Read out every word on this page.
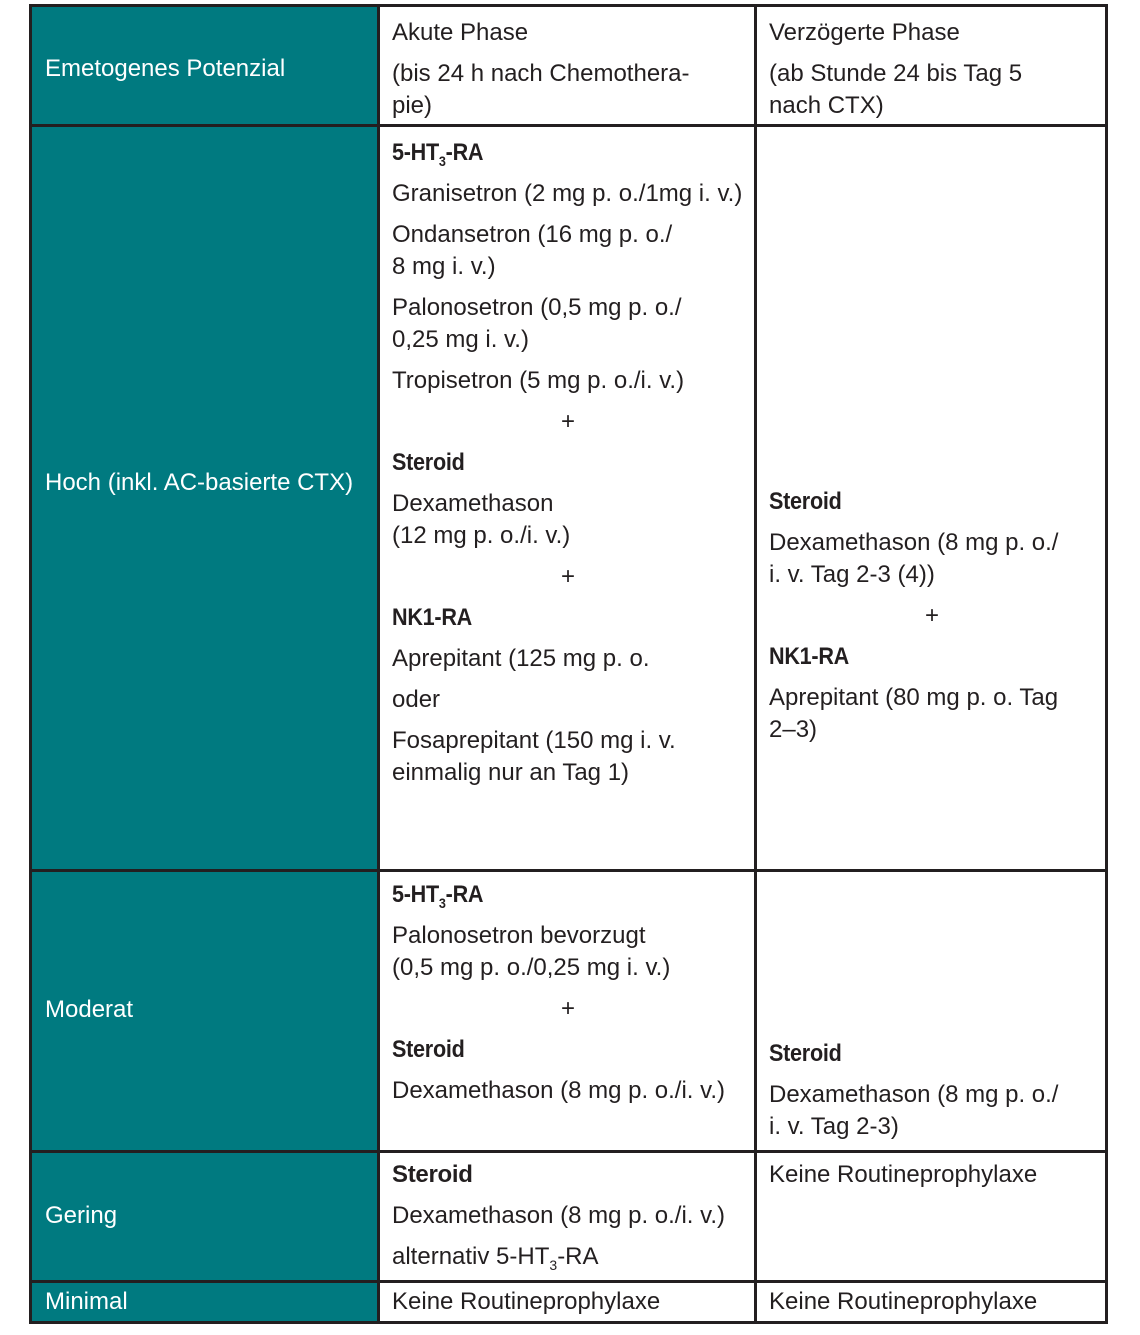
Emetogenes Potenzial
Akute Phase
(bis 24 h nach Chemothera-
pie)
Verzögerte Phase
(ab Stunde 24 bis Tag 5
nach CTX)
Hoch (inkl. AC-basierte CTX)
$5-HT_3-RA$
Granisetron (2 mg p. o./1mg i. v.)
Ondansetron (16 mg p. o./
8 mg i. v.)
Palonosetron (0,5 mg p. o./
0,25 mg i. v.)
Tropisetron (5 mg p. o./i. v.)
+
Steroid
Dexamethason
(12 mg p. o./i. v.)
+
NK1-RA
Aprepitant (125 mg p. o.
oder
Fosaprepitant (150 mg i. v.
einmalig nur an Tag 1)
Steroid
Dexamethason (8 mg p. o./
i. v. Tag 2-3 (4))
+
NK1-RA
Aprepitant (80 mg p. o. Tag
2–3)
Moderat
$5-HT_3-RA$
Palonosetron bevorzugt
(0,5 mg p. o./0,25 mg i. v.)
+
Steroid
Dexamethason (8 mg p. o./i. v.)
Steroid
Dexamethason (8 mg p. o./
i. v. Tag 2-3)
Gering
Steroid
Dexamethason (8 mg p. o./i. v.)
alternativ $5-HT_3-RA$
Keine Routineprophylaxe
Minimal	Keine Routineprophylaxe	Keine Routineprophylaxe
